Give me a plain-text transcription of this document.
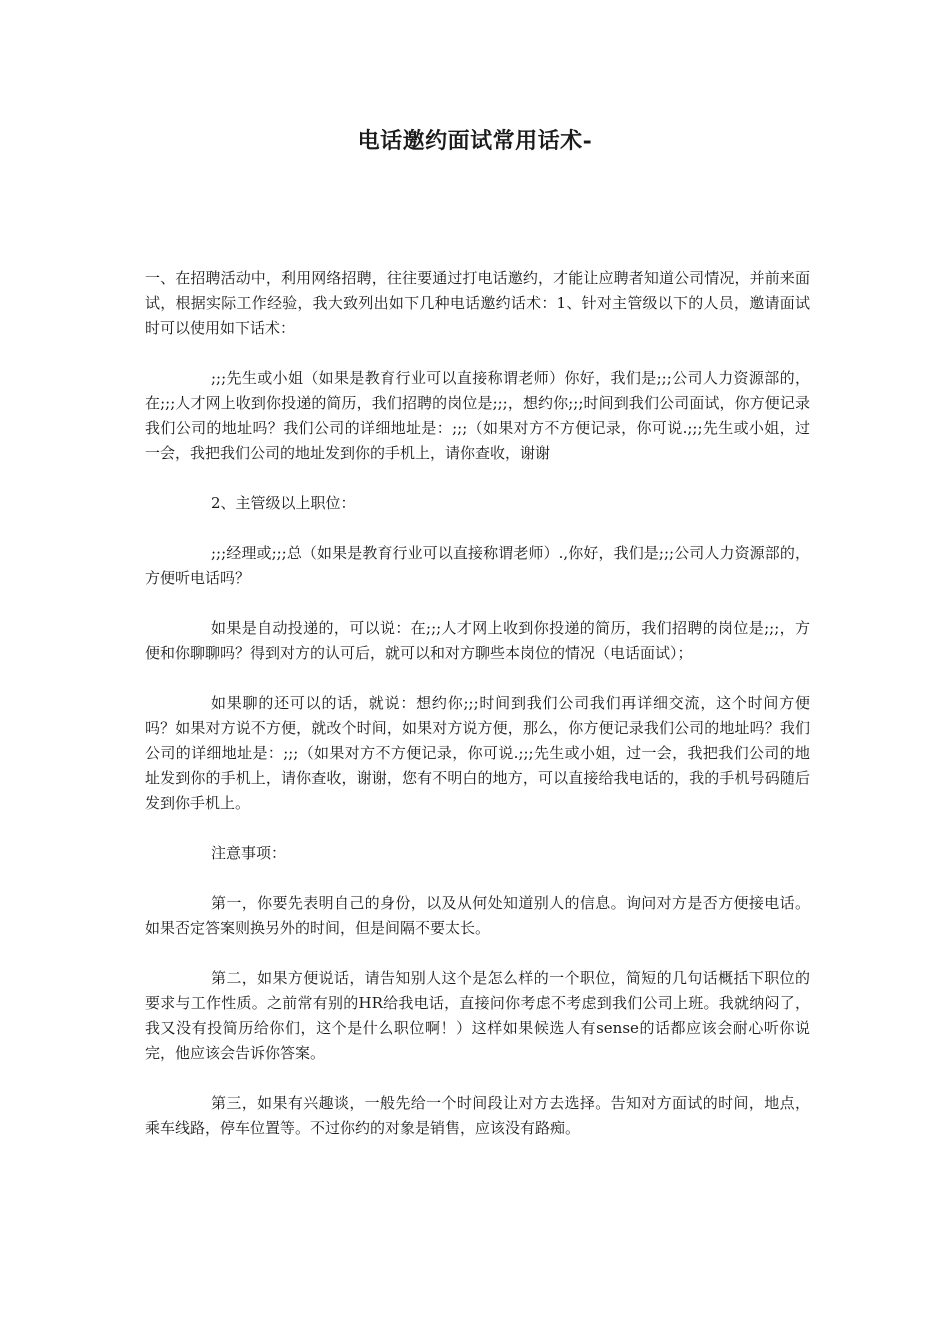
电话邀约面试常用话术-

一、在招聘活动中，利用网络招聘，往往要通过打电话邀约，才能让应聘者知道公司情况，并前来面试，根据实际工作经验，我大致列出如下几种电话邀约话术：1、针对主管级以下的人员，邀请面试时可以使用如下话术：

;;;先生或小姐（如果是教育行业可以直接称谓老师）你好，我们是;;;公司人力资源部的，在;;;人才网上收到你投递的简历，我们招聘的岗位是;;;，想约你;;;时间到我们公司面试，你方便记录我们公司的地址吗？我们公司的详细地址是：;;;（如果对方不方便记录，你可说.;;;先生或小姐，过一会，我把我们公司的地址发到你的手机上，请你查收，谢谢

2、主管级以上职位：

;;;经理或;;;总（如果是教育行业可以直接称谓老师）.,你好，我们是;;;公司人力资源部的，方便听电话吗？

如果是自动投递的，可以说：在;;;人才网上收到你投递的简历，我们招聘的岗位是;;;，方便和你聊聊吗？得到对方的认可后，就可以和对方聊些本岗位的情况（电话面试）；

如果聊的还可以的话，就说：想约你;;;时间到我们公司我们再详细交流，这个时间方便吗？如果对方说不方便，就改个时间，如果对方说方便，那么，你方便记录我们公司的地址吗？我们公司的详细地址是：;;;（如果对方不方便记录，你可说.;;;先生或小姐，过一会，我把我们公司的地址发到你的手机上，请你查收，谢谢，您有不明白的地方，可以直接给我电话的，我的手机号码随后发到你手机上。

注意事项：

第一，你要先表明自己的身份，以及从何处知道别人的信息。询问对方是否方便接电话。如果否定答案则换另外的时间，但是间隔不要太长。

第二，如果方便说话，请告知别人这个是怎么样的一个职位，简短的几句话概括下职位的要求与工作性质。之前常有别的HR给我电话，直接问你考虑不考虑到我们公司上班。我就纳闷了，我又没有投简历给你们，这个是什么职位啊！）这样如果候选人有sense的话都应该会耐心听你说完，他应该会告诉你答案。

第三，如果有兴趣谈，一般先给一个时间段让对方去选择。告知对方面试的时间，地点，乘车线路，停车位置等。不过你约的对象是销售，应该没有路痴。
